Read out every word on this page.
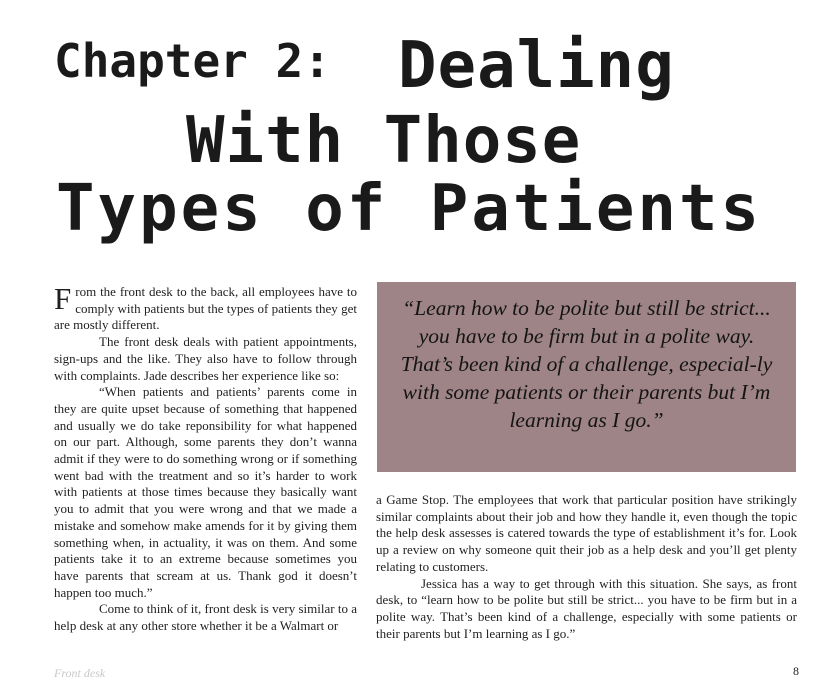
Chapter 2: Dealing
With Those
Types of Patients

From the front desk to the back, all employees have to comply with patients but the types of patients they get are mostly different.

The front desk deals with patient appointments, sign-ups and the like. They also have to follow through with complaints. Jade describes her experience like so:

“When patients and patients’ parents come in they are quite upset because of something that happened and usually we do take reponsibility for what happened on our part. Although, some parents they don’t wanna admit if they were to do something wrong or if something went bad with the treatment and so it’s harder to work with patients at those times because they basically want you to admit that you were wrong and that we made a mistake and somehow make amends for it by giving them something when, in actuality, it was on them. And some patients take it to an extreme because sometimes you have parents that scream at us. Thank god it doesn’t happen too much.”

Come to think of it, front desk is very similar to a help desk at any other store whether it be a Walmart or

“Learn how to be polite but still be strict... you have to be firm but in a polite way. That’s been kind of a challenge, especial-ly with some patients or their parents but I’m learning as I go.”

a Game Stop. The employees that work that particular position have strikingly similar complaints about their job and how they handle it, even though the topic the help desk assesses is catered towards the type of establishment it’s for. Look up a review on why someone quit their job as a help desk and you’ll get plenty relating to customers.

Jessica has a way to get through with this situation. She says, as front desk, to “learn how to be polite but still be strict... you have to be firm but in a polite way. That’s been kind of a challenge, especially with some patients or their parents but I’m learning as I go.”

Front desk	8
